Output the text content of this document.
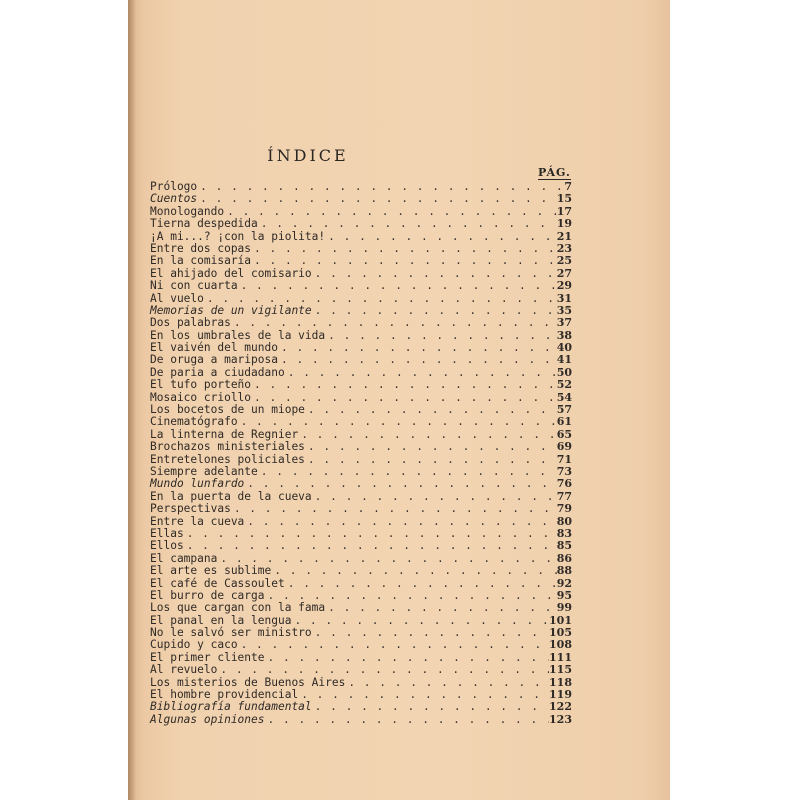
ÍNDICE
PÁG.
Prólogo . . .	7
Cuentos . . .	15
Monologando . . .	17
Tierna despedida . . .	19
¡A mi...? ¡con la piolita! . . .	21
Entre dos copas . . .	23
En la comisaría . . .	25
El ahijado del comisario . . .	27
Ni con cuarta . . .	29
Al vuelo . . .	31
Memorias de un vigilante . . .	35
Dos palabras . . .	37
En los umbrales de la vida . . .	38
El vaivén del mundo . . .	40
De oruga a mariposa . . .	41
De paria a ciudadano . . .	50
El tufo porteño . . .	52
Mosaico criollo . . .	54
Los bocetos de un miope . . .	57
Cinematógrafo . . .	61
La linterna de Regnier . . .	65
Brochazos ministeriales . . .	69
Entretelones policiales . . .	71
Siempre adelante . . .	73
Mundo lunfardo . . .	76
En la puerta de la cueva . . .	77
Perspectivas . . .	79
Entre la cueva . . .	80
Ellas . . .	83
Ellos . . .	85
El campana . . .	86
El arte es sublime . . .	88
El café de Cassoulet . . .	92
El burro de carga . . .	95
Los que cargan con la fama . . .	99
El panal en la lengua . . .	101
No le salvó ser ministro . . .	105
Cupido y caco . . .	108
El primer cliente . . .	111
Al revuelo . . .	115
Los misterios de Buenos Aires . . .	118
El hombre providencial . . .	119
Bibliografía fundamental . . .	122
Algunas opiniones . . .	123
